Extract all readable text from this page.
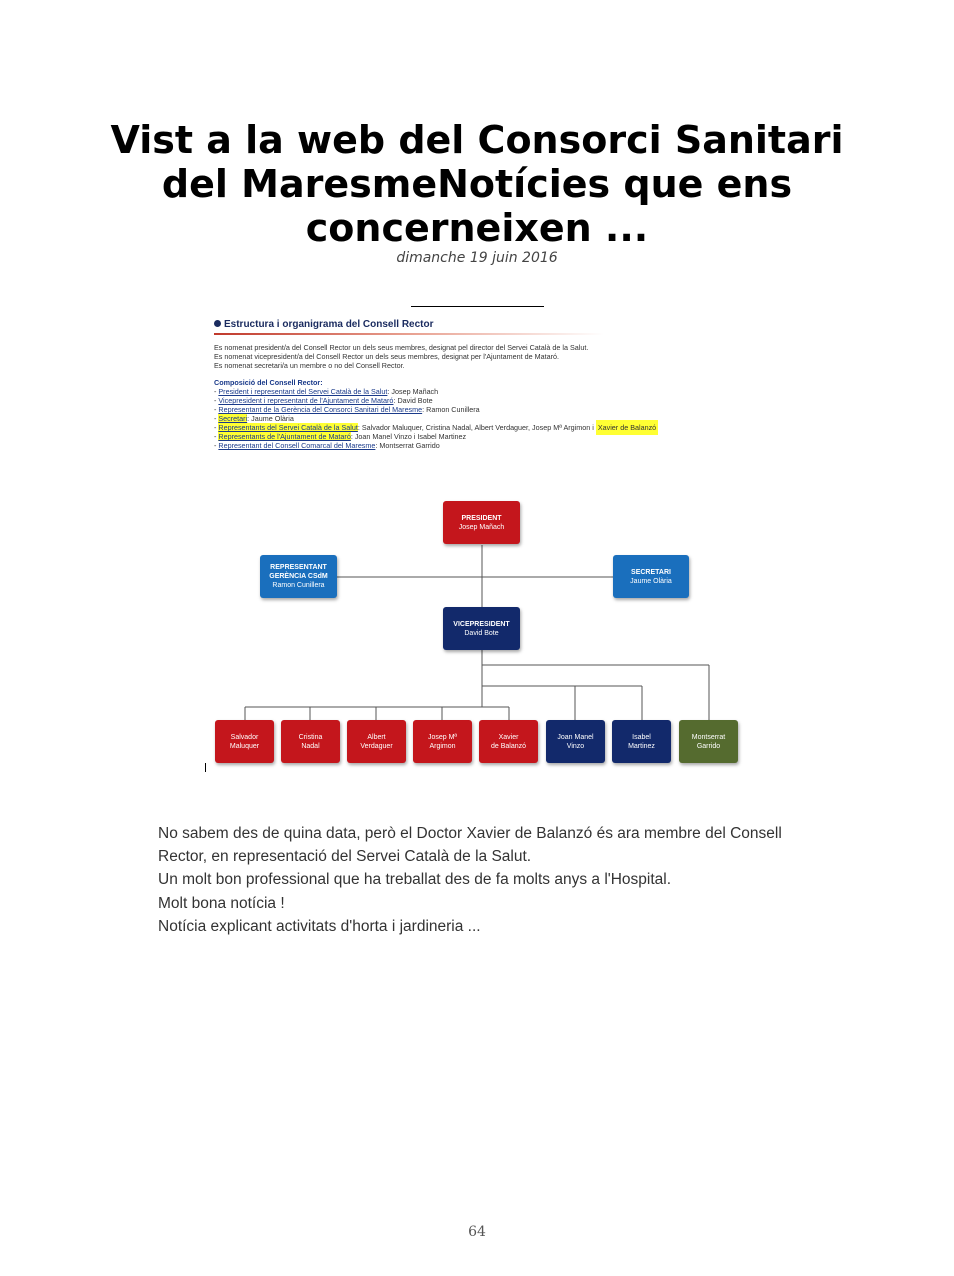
Vist a la web del Consorci Sanitari del MaresmeNotícies que ens concerneixen ...
dimanche 19 juin 2016
Estructura i organigrama del Consell Rector
Es nomenat president/a del Consell Rector un dels seus membres, designat pel director del Servei Català de la Salut.
Es nomenat vicepresident/a del Consell Rector un dels seus membres, designat per l'Ajuntament de Mataró.
Es nomenat secretari/a un membre o no del Consell Rector.
Composició del Consell Rector:
- President i representant del Servei Català de la Salut: Josep Mañach
- Vicepresident i representant de l'Ajuntament de Mataró: David Bote
- Representant de la Gerència del Consorci Sanitari del Maresme: Ramon Cunillera
- Secretari: Jaume Olària
- Representants del Servei Català de la Salut: Salvador Maluquer, Cristina Nadal, Albert Verdaguer, Josep Mª Argimon i Xavier de Balanzó
- Representants de l'Ajuntament de Mataró: Joan Manel Vinzo i Isabel Martinez
- Representant del Consell Comarcal del Maresme: Montserrat Garrido
PRESIDENT
Josep Mañach
REPRESENTANT
GERÈNCIA CSdM
Ramon Cunillera
SECRETARI
Jaume Olària
VICEPRESIDENT
David Bote
Salvador
Maluquer
Cristina
Nadal
Albert
Verdaguer
Josep Mª
Argimon
Xavier
de Balanzó
Joan Manel
Vinzo
Isabel
Martinez
Montserrat
Garrido

No sabem des de quina data, però el Doctor Xavier de Balanzó és ara membre del Consell Rector, en representació del Servei Català de la Salut.

Un molt bon professional que ha treballat des de fa molts anys a l'Hospital.

Molt bona notícia !

Notícia explicant activitats d'horta i jardineria ...

64
